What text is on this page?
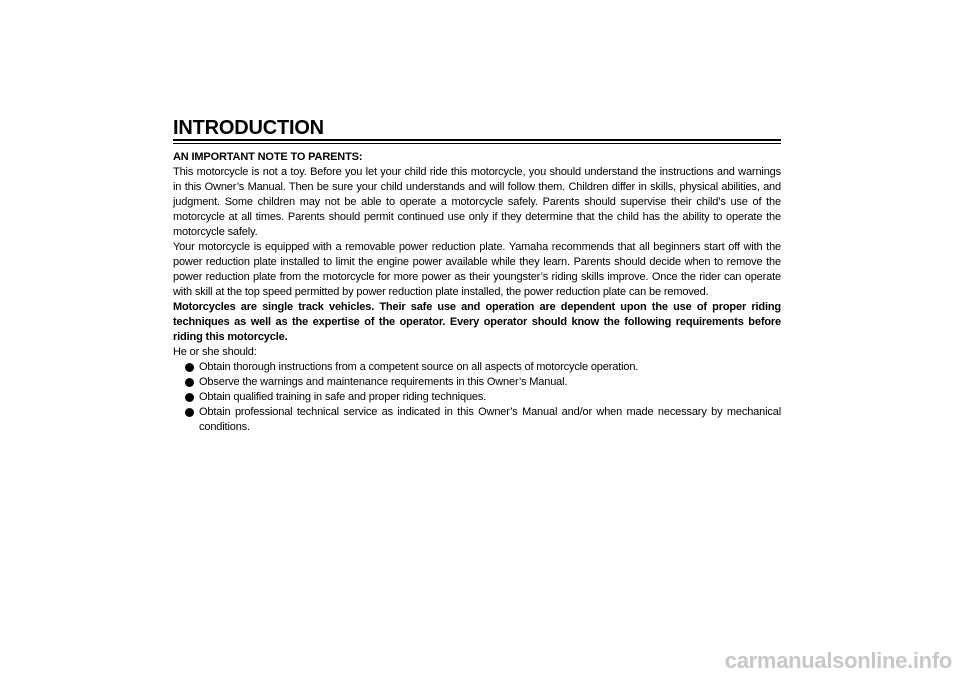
INTRODUCTION

AN IMPORTANT NOTE TO PARENTS:

This motorcycle is not a toy. Before you let your child ride this motorcycle, you should understand the instructions and warnings in this Owner’s Manual. Then be sure your child understands and will follow them. Children differ in skills, physical abilities, and judgment. Some children may not be able to operate a motorcycle safely. Parents should supervise their child’s use of the motorcycle at all times. Parents should permit continued use only if they determine that the child has the ability to operate the motorcycle safely.

Your motorcycle is equipped with a removable power reduction plate. Yamaha recommends that all beginners start off with the power reduction plate installed to limit the engine power available while they learn. Parents should decide when to remove the power reduction plate from the motorcycle for more power as their youngster’s riding skills improve. Once the rider can operate with skill at the top speed permitted by power reduction plate installed, the power reduction plate can be removed.

Motorcycles are single track vehicles. Their safe use and operation are dependent upon the use of proper riding techniques as well as the expertise of the operator. Every operator should know the following requirements before riding this motorcycle.

He or she should:

Obtain thorough instructions from a competent source on all aspects of motorcycle operation.
Observe the warnings and maintenance requirements in this Owner’s Manual.
Obtain qualified training in safe and proper riding techniques.
Obtain professional technical service as indicated in this Owner’s Manual and/or when made necessary by mechanical conditions.
carmanualsonline.info
